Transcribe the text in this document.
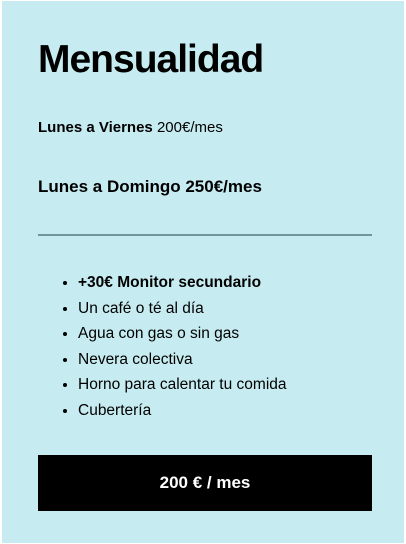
Mensualidad

Lunes a Viernes 200€/mes

Lunes a Domingo 250€/mes

• +30€ Monitor secundario
• Un café o té al día
• Agua con gas o sin gas
• Nevera colectiva
• Horno para calentar tu comida
• Cubertería
200 € / mes
